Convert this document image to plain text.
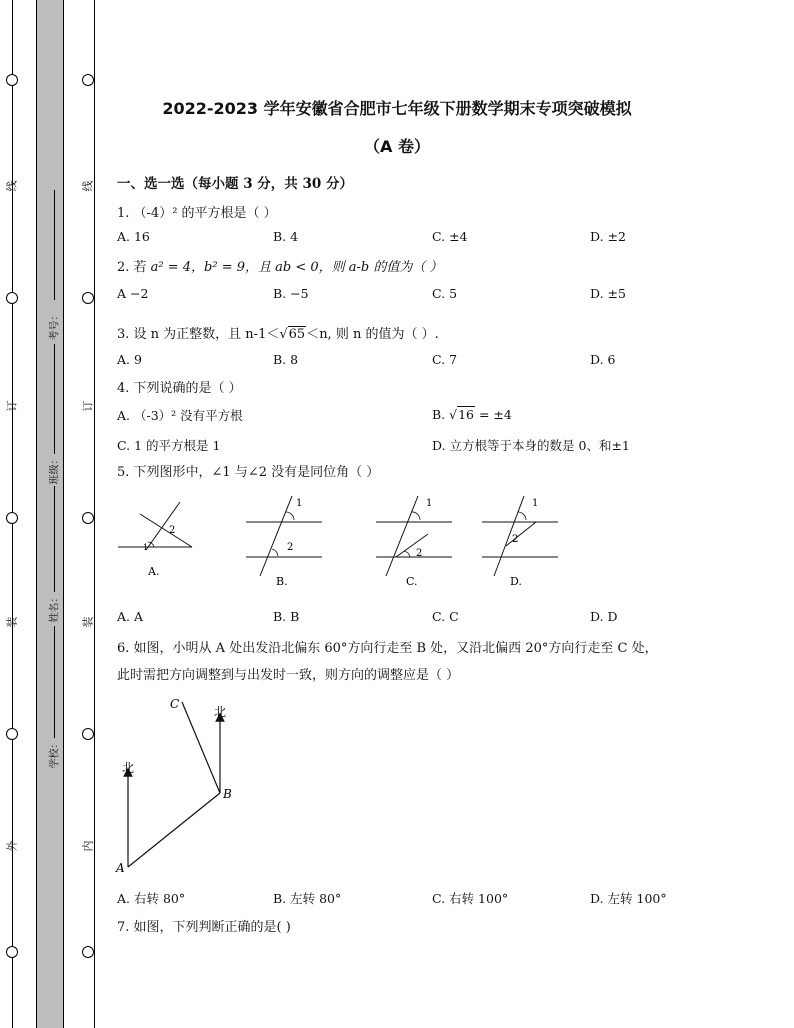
线
订
装
外
线
订
装
内
考号：
班级：
姓名：
学校：
2022-2023 学年安徽省合肥市七年级下册数学期末专项突破模拟
（A 卷）
一、选一选（每小题 3 分，共 30 分）
1. （-4）² 的平方根是（ ）
A. 16	B. 4	C. ±4	D. ±2
2. 若 a² = 4，b² = 9，且 ab < 0，则 a-b 的值为（ ）
A −2	B. −5	C. 5	D. ±5
3. 设 n 为正整数，且 n-1＜√65＜n, 则 n 的值为（ ）.
A. 9	B. 8	C. 7	D. 6
4. 下列说确的是（ ）
A. （-3）² 没有平方根	B. √16 = ±4
C. 1 的平方根是 1	D. 立方根等于本身的数是 0、和±1
5. 下列图形中，∠1 与∠2 没有是同位角（ ）
2
1
A.
1
2
B.
1
2
C.
1
2
D.
A. A	B. B	C. C	D. D
6. 如图，小明从 A 处出发沿北偏东 60°方向行走至 B 处，又沿北偏西 20°方向行走至 C 处，
此时需把方向调整到与出发时一致，则方向的调整应是（ ）
北
北
A
B
C
A. 右转 80°	B. 左转 80°	C. 右转 100°	D. 左转 100°
7. 如图，下列判断正确的是( )
